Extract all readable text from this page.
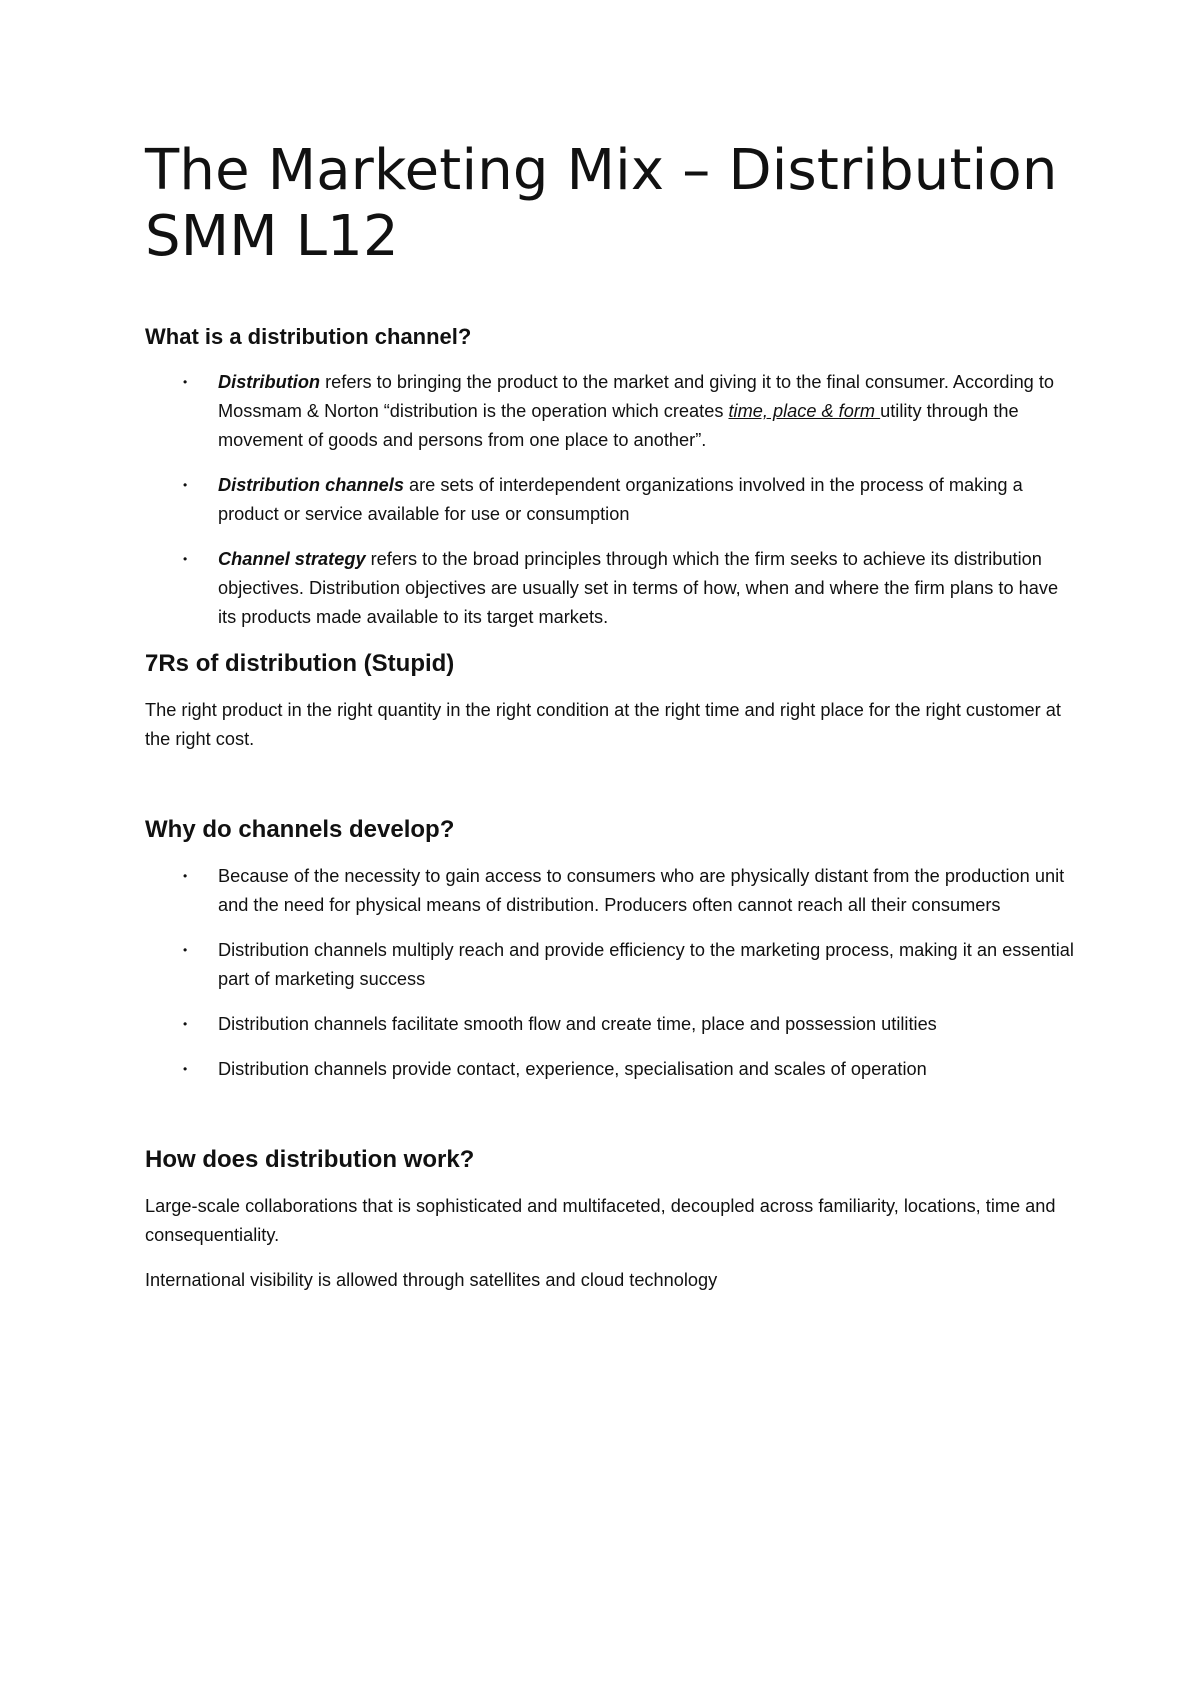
The Marketing Mix – Distribution
SMM L12
What is a distribution channel?
• Distribution refers to bringing the product to the market and giving it to the final consumer. According to Mossmam & Norton “distribution is the operation which creates time, place & form utility through the movement of goods and persons from one place to another”.
• Distribution channels are sets of interdependent organizations involved in the process of making a product or service available for use or consumption
• Channel strategy refers to the broad principles through which the firm seeks to achieve its distribution objectives. Distribution objectives are usually set in terms of how, when and where the firm plans to have its products made available to its target markets.
7Rs of distribution (Stupid)

The right product in the right quantity in the right condition at the right time and right place for the right customer at the right cost.

Why do channels develop?
• Because of the necessity to gain access to consumers who are physically distant from the production unit and the need for physical means of distribution. Producers often cannot reach all their consumers
• Distribution channels multiply reach and provide efficiency to the marketing process, making it an essential part of marketing success
• Distribution channels facilitate smooth flow and create time, place and possession utilities
• Distribution channels provide contact, experience, specialisation and scales of operation
How does distribution work?

Large-scale collaborations that is sophisticated and multifaceted, decoupled across familiarity, locations, time and consequentiality.

International visibility is allowed through satellites and cloud technology
